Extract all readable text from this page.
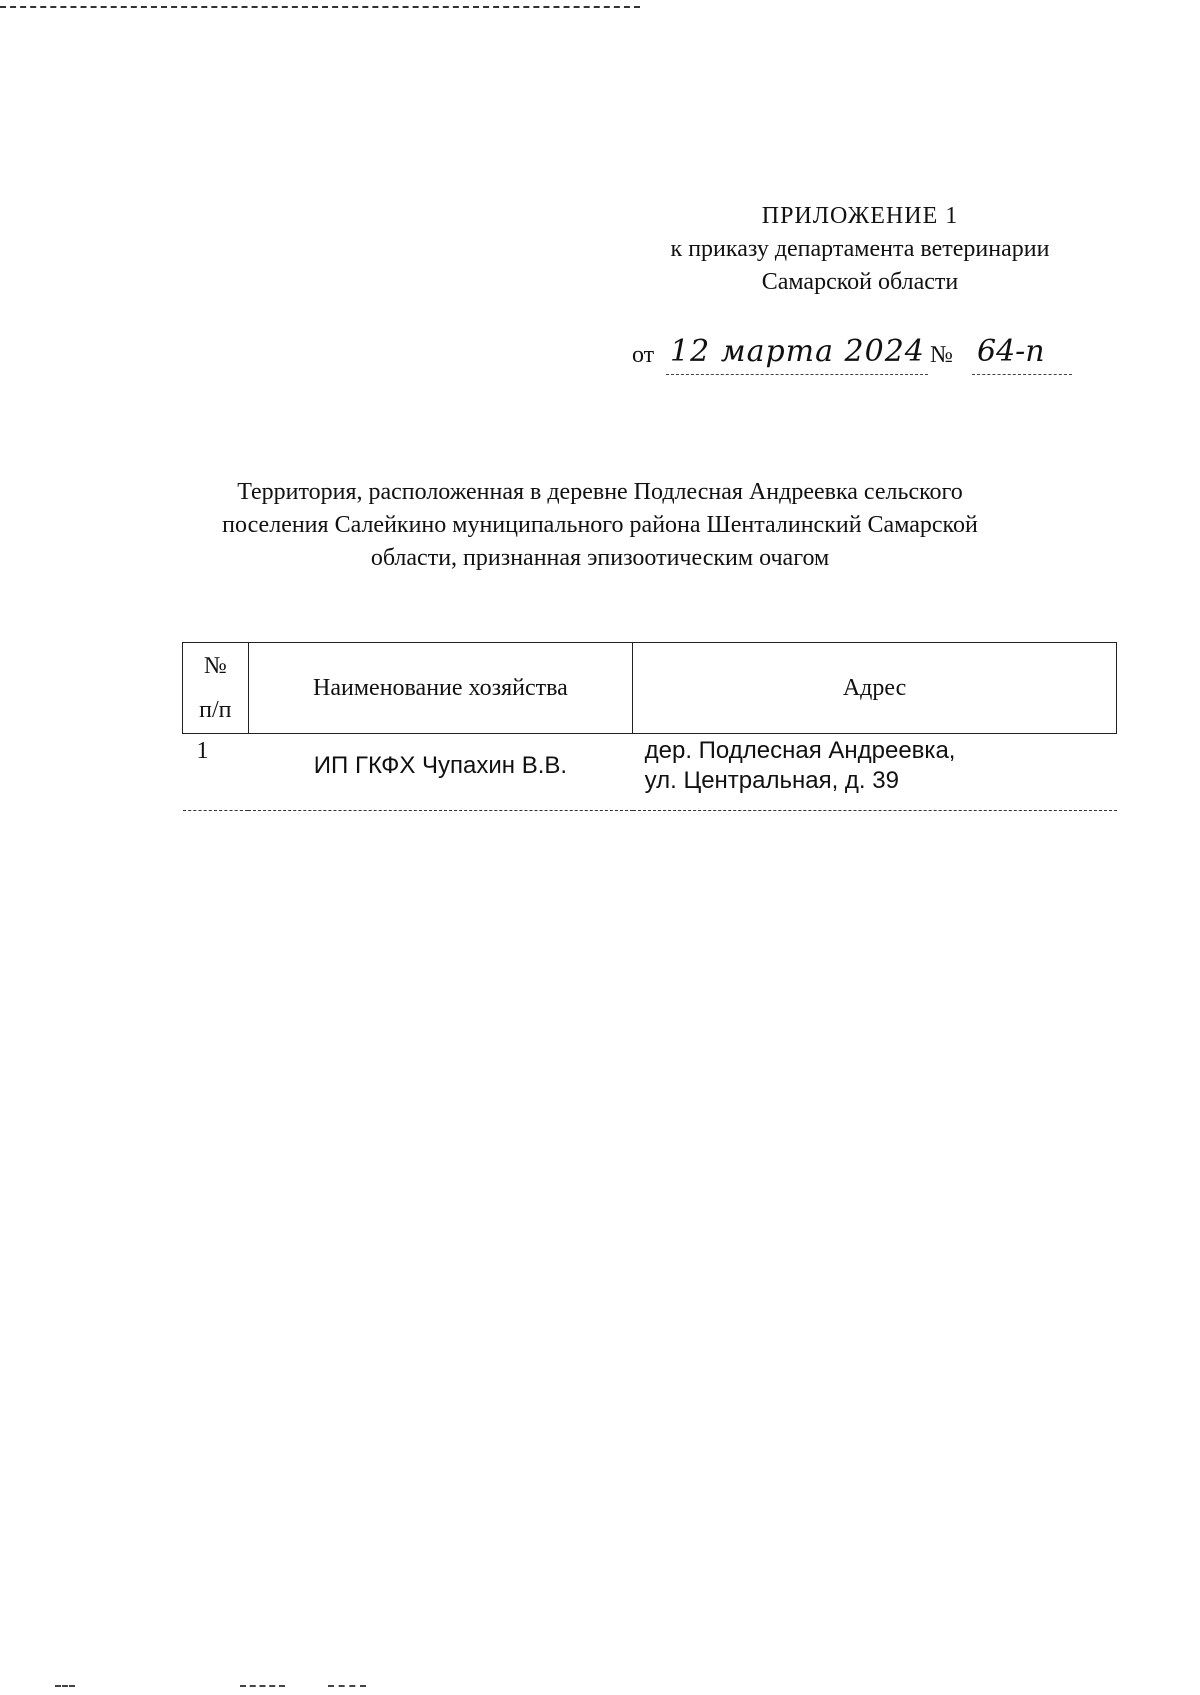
ПРИЛОЖЕНИЕ 1
к приказу департамента ветеринарии
Самарской области
от 12 марта 2024 № 64-п
Территория, расположенная в деревне Подлесная Андреевка сельского
поселения Салейкино муниципального района Шенталинский Самарской
области, признанная эпизоотическим очагом
№
п/п	Наименование хозяйства	Адрес
1	ИП ГКФХ Чупахин В.В.	дер. Подлесная Андреевка,
ул. Центральная, д. 39
